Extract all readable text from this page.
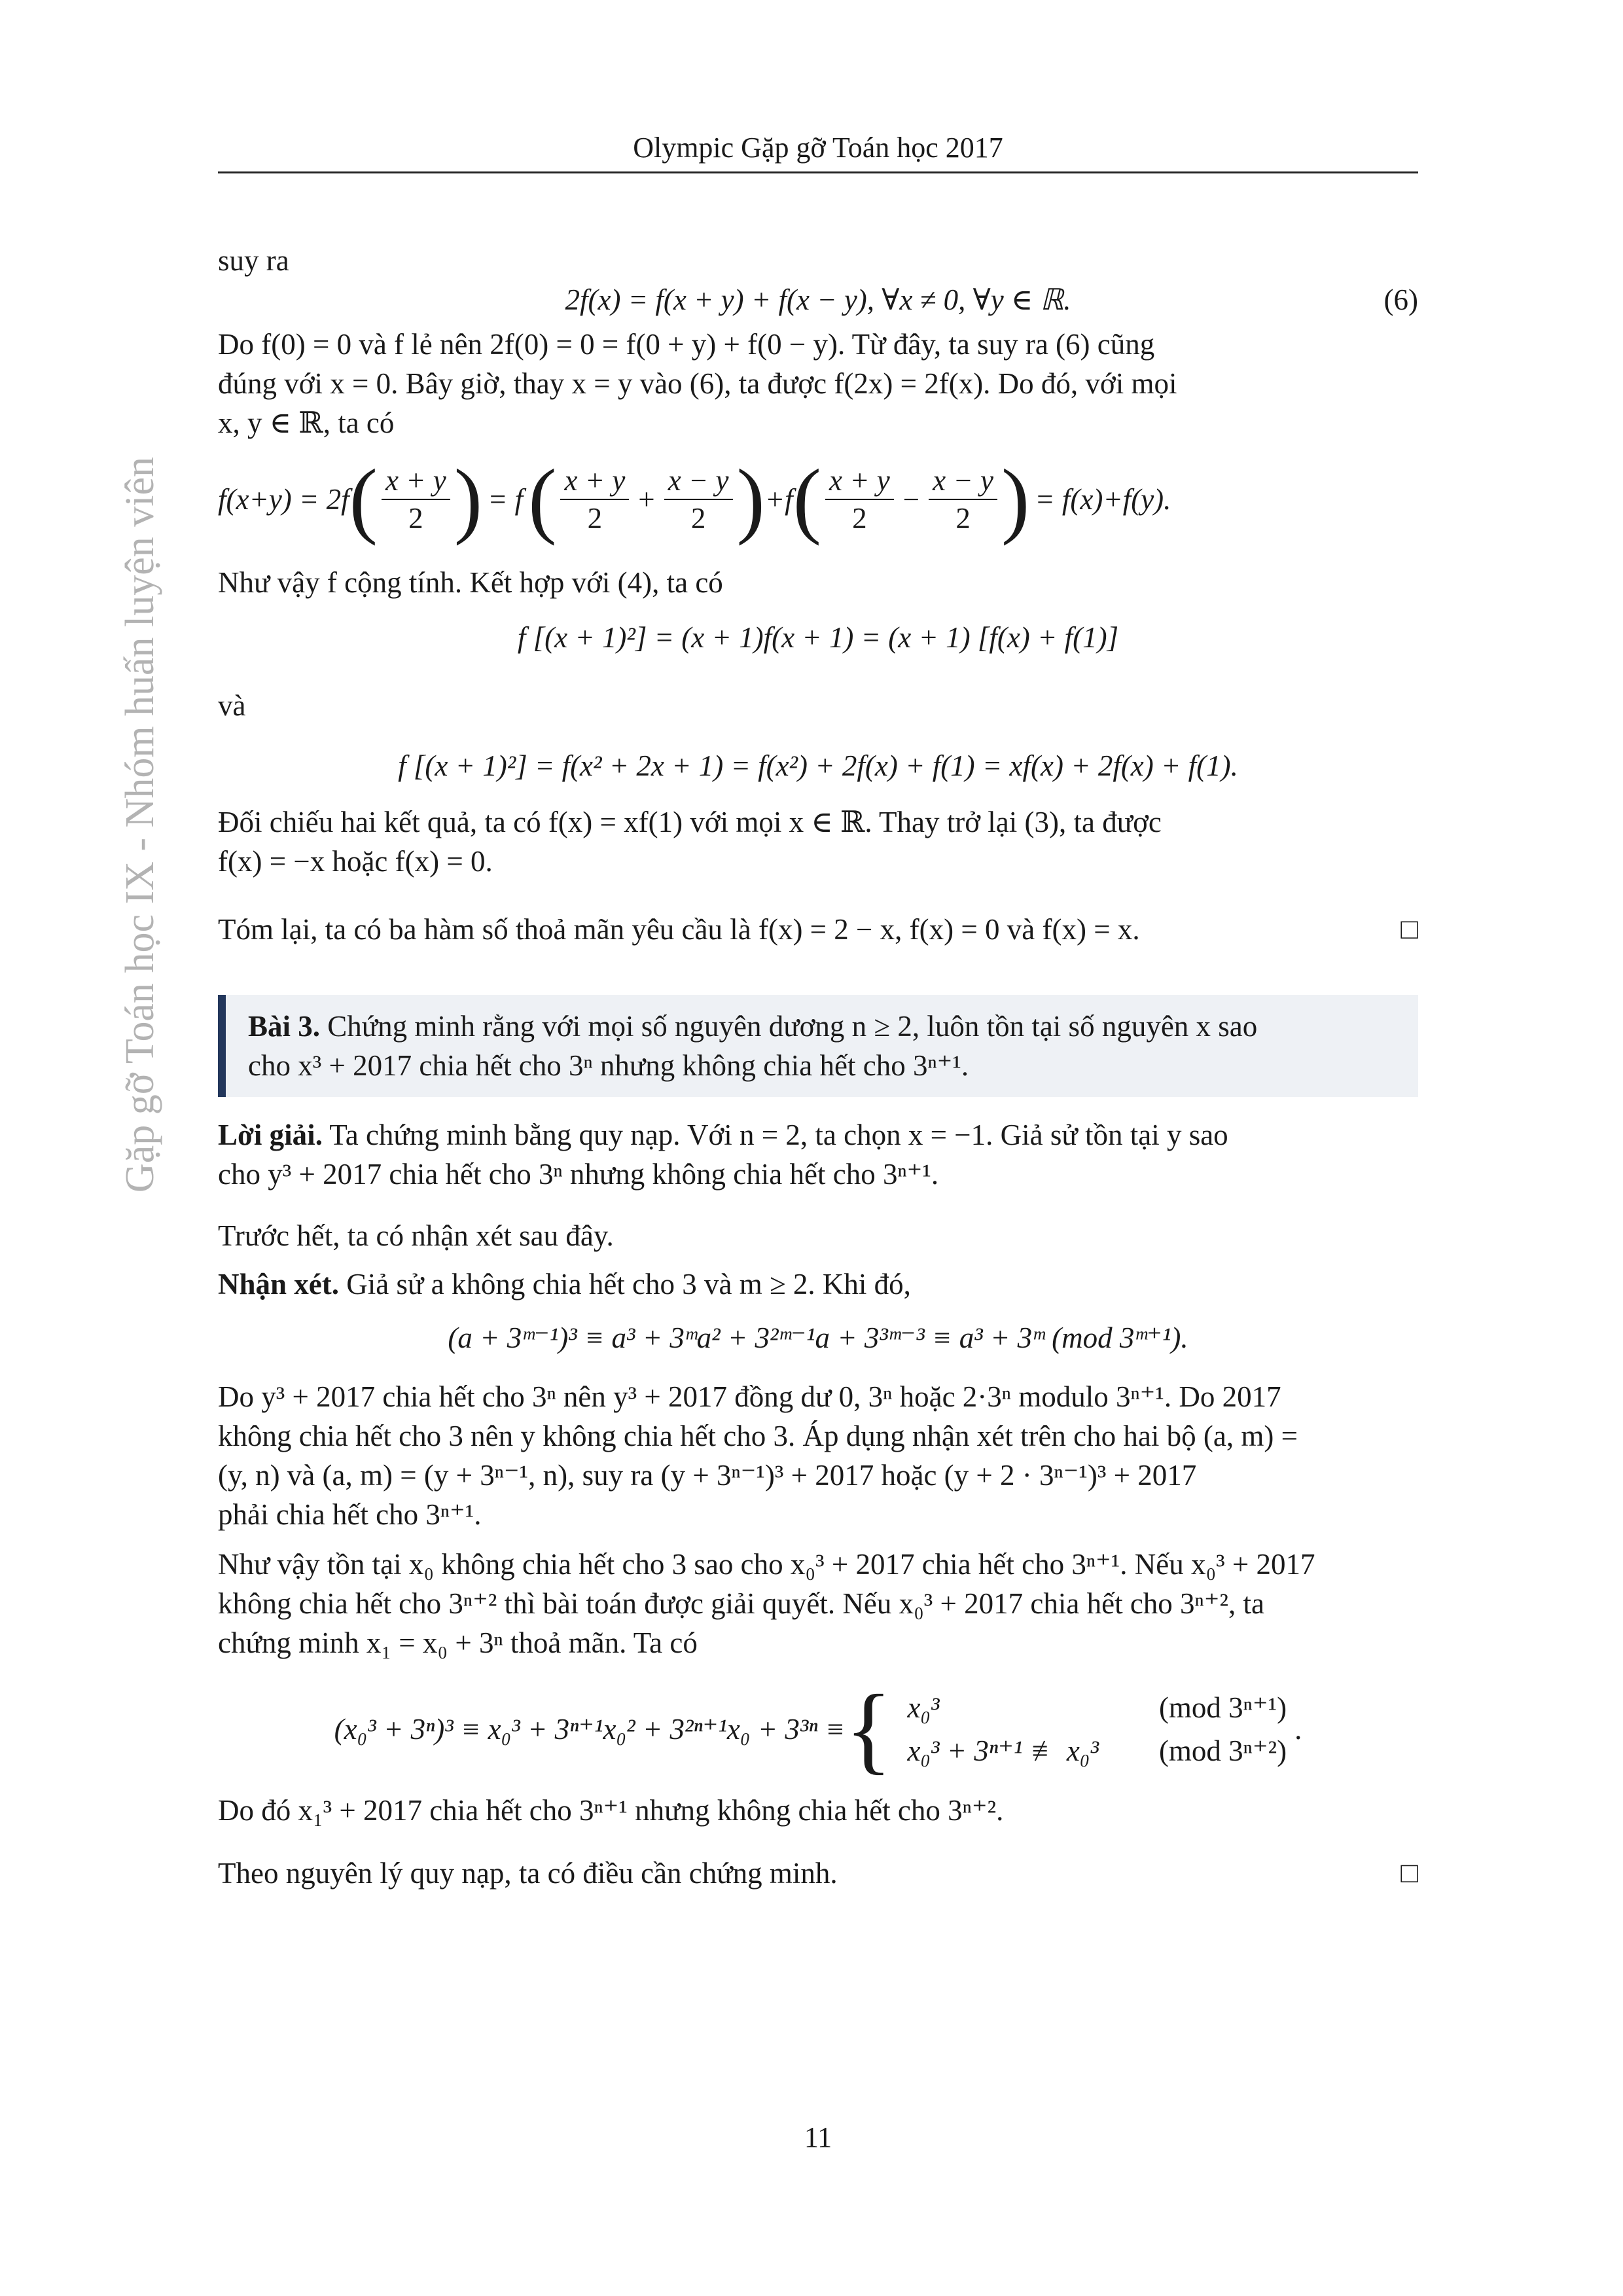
Olympic Gặp gỡ Toán học 2017
Gặp gỡ Toán học IX - Nhóm huấn luyện viên

suy ra

2f(x) = f(x + y) + f(x − y), ∀x ≠ 0, ∀y ∈ ℝ.	(6)

Do f(0) = 0 và f lẻ nên 2f(0) = 0 = f(0 + y) + f(0 − y). Từ đây, ta suy ra (6) cũng

đúng với x = 0. Bây giờ, thay x = y vào (6), ta được f(2x) = 2f(x). Do đó, với mọi

x, y ∈ ℝ, ta có

f(x+y) = 2f ( $\frac{x + y}{2}$ ) = f ( $\frac{x + y}{2} + \frac{x - y}{2}$ ) +f ( $\frac{x + y}{2} - \frac{x - y}{2}$ ) = f(x)+f(y).

Như vậy f cộng tính. Kết hợp với (4), ta có

f [(x + 1)²] = (x + 1)f(x + 1) = (x + 1) [f(x) + f(1)]

và

f [(x + 1)²] = f(x² + 2x + 1) = f(x²) + 2f(x) + f(1) = xf(x) + 2f(x) + f(1).

Đối chiếu hai kết quả, ta có f(x) = xf(1) với mọi x ∈ ℝ. Thay trở lại (3), ta được

f(x) = −x hoặc f(x) = 0.

Tóm lại, ta có ba hàm số thoả mãn yêu cầu là f(x) = 2 − x, f(x) = 0 và f(x) = x.	□

Bài 3. Chứng minh rằng với mọi số nguyên dương n ≥ 2, luôn tồn tại số nguyên x sao

cho x³ + 2017 chia hết cho 3ⁿ nhưng không chia hết cho 3ⁿ⁺¹.

Lời giải. Ta chứng minh bằng quy nạp. Với n = 2, ta chọn x = −1. Giả sử tồn tại y sao

cho y³ + 2017 chia hết cho 3ⁿ nhưng không chia hết cho 3ⁿ⁺¹.

Trước hết, ta có nhận xét sau đây.

Nhận xét. Giả sử a không chia hết cho 3 và m ≥ 2. Khi đó,

(a + 3ᵐ⁻¹)³ ≡ a³ + 3ᵐa² + 3²ᵐ⁻¹a + 3³ᵐ⁻³ ≡ a³ + 3ᵐ (mod 3ᵐ⁺¹).

Do y³ + 2017 chia hết cho 3ⁿ nên y³ + 2017 đồng dư 0, 3ⁿ hoặc 2·3ⁿ modulo 3ⁿ⁺¹. Do 2017

không chia hết cho 3 nên y không chia hết cho 3. Áp dụng nhận xét trên cho hai bộ (a, m) =

(y, n) và (a, m) = (y + 3ⁿ⁻¹, n), suy ra (y + 3ⁿ⁻¹)³ + 2017 hoặc (y + 2 · 3ⁿ⁻¹)³ + 2017

phải chia hết cho 3ⁿ⁺¹.

Như vậy tồn tại x₀ không chia hết cho 3 sao cho x₀³ + 2017 chia hết cho 3ⁿ⁺¹. Nếu x₀³ + 2017

không chia hết cho 3ⁿ⁺² thì bài toán được giải quyết. Nếu x₀³ + 2017 chia hết cho 3ⁿ⁺², ta

chứng minh x₁ = x₀ + 3ⁿ thoả mãn. Ta có

(x₀³ + 3ⁿ)³ ≡ x₀³ + 3ⁿ⁺¹x₀² + 3²ⁿ⁺¹x₀ + 3³ⁿ ≡ { x₀³	(mod 3ⁿ⁺¹)
x₀³ + 3ⁿ⁺¹ ≢ x₀³	(mod 3ⁿ⁺²)
.

Do đó x₁³ + 2017 chia hết cho 3ⁿ⁺¹ nhưng không chia hết cho 3ⁿ⁺².

Theo nguyên lý quy nạp, ta có điều cần chứng minh.	□
11
